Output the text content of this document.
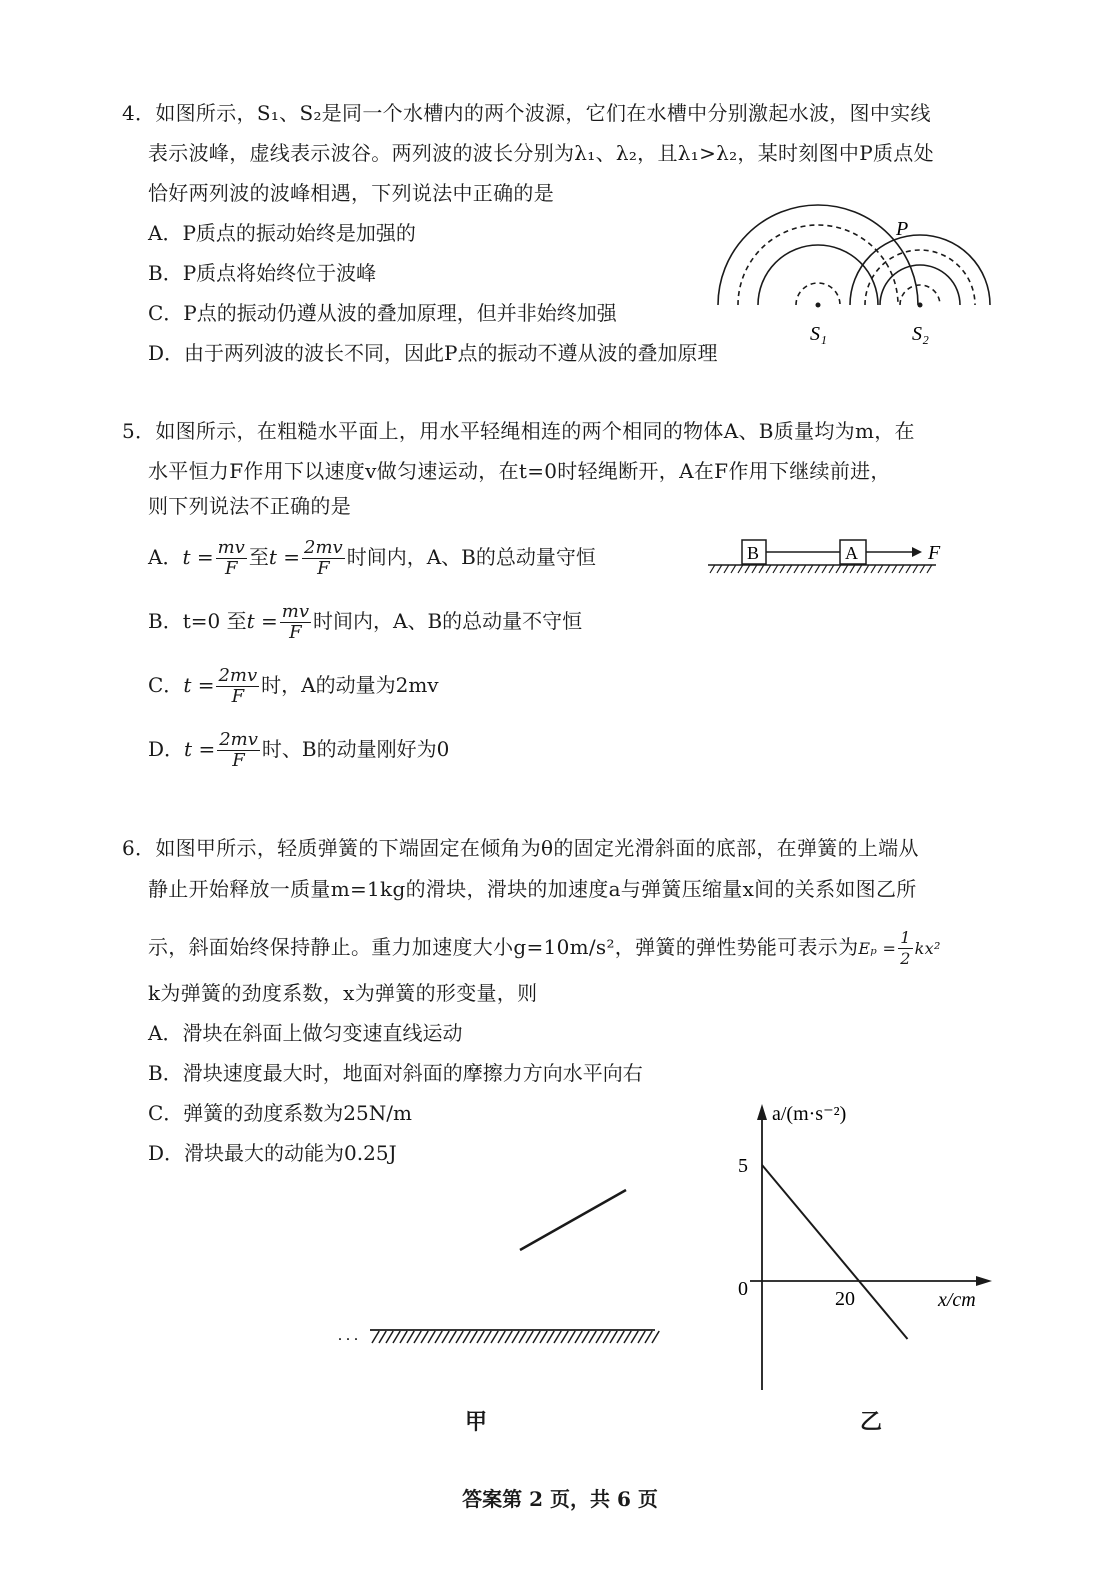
4．如图所示，S₁、S₂是同一个水槽内的两个波源，它们在水槽中分别激起水波，图中实线
表示波峰，虚线表示波谷。两列波的波长分别为λ₁、λ₂，且λ₁>λ₂，某时刻图中P质点处
恰好两列波的波峰相遇，下列说法中正确的是
A．P质点的振动始终是加强的
B．P质点将始终位于波峰
C．P点的振动仍遵从波的叠加原理，但并非始终加强
D．由于两列波的波长不同，因此P点的振动不遵从波的叠加原理
P
S₁	S₂
5．如图所示，在粗糙水平面上，用水平轻绳相连的两个相同的物体A、B质量均为m，在
水平恒力F作用下以速度v做匀速运动，在t=0时轻绳断开，A在F作用下继续前进，
则下列说法不正确的是
A．$t = \frac{mv}{F}$ 至$t = \frac{2mv}{F}$ 时间内，A、B的总动量守恒
B．t=0 至$t = \frac{mv}{F}$ 时间内，A、B的总动量不守恒
C．$t = \frac{2mv}{F}$ 时，A的动量为2mv
D．$t = \frac{2mv}{F}$ 时、B的动量刚好为0
B	A	F
6．如图甲所示，轻质弹簧的下端固定在倾角为θ的固定光滑斜面的底部，在弹簧的上端从
静止开始释放一质量m=1kg的滑块，滑块的加速度a与弹簧压缩量x间的关系如图乙所
示，斜面始终保持静止。重力加速度大小g=10m/s²，弹簧的弹性势能可表示为$E_p = \frac{1}{2} kx^2$
k为弹簧的劲度系数，x为弹簧的形变量，则
A．滑块在斜面上做匀变速直线运动
B．滑块速度最大时，地面对斜面的摩擦力方向水平向右
C．弹簧的劲度系数为25N/m
D．滑块最大的动能为0.25J
. . .
甲
a/(m·s⁻²)
x/cm
5
0	20
乙
答案第 2 页，共 6 页
